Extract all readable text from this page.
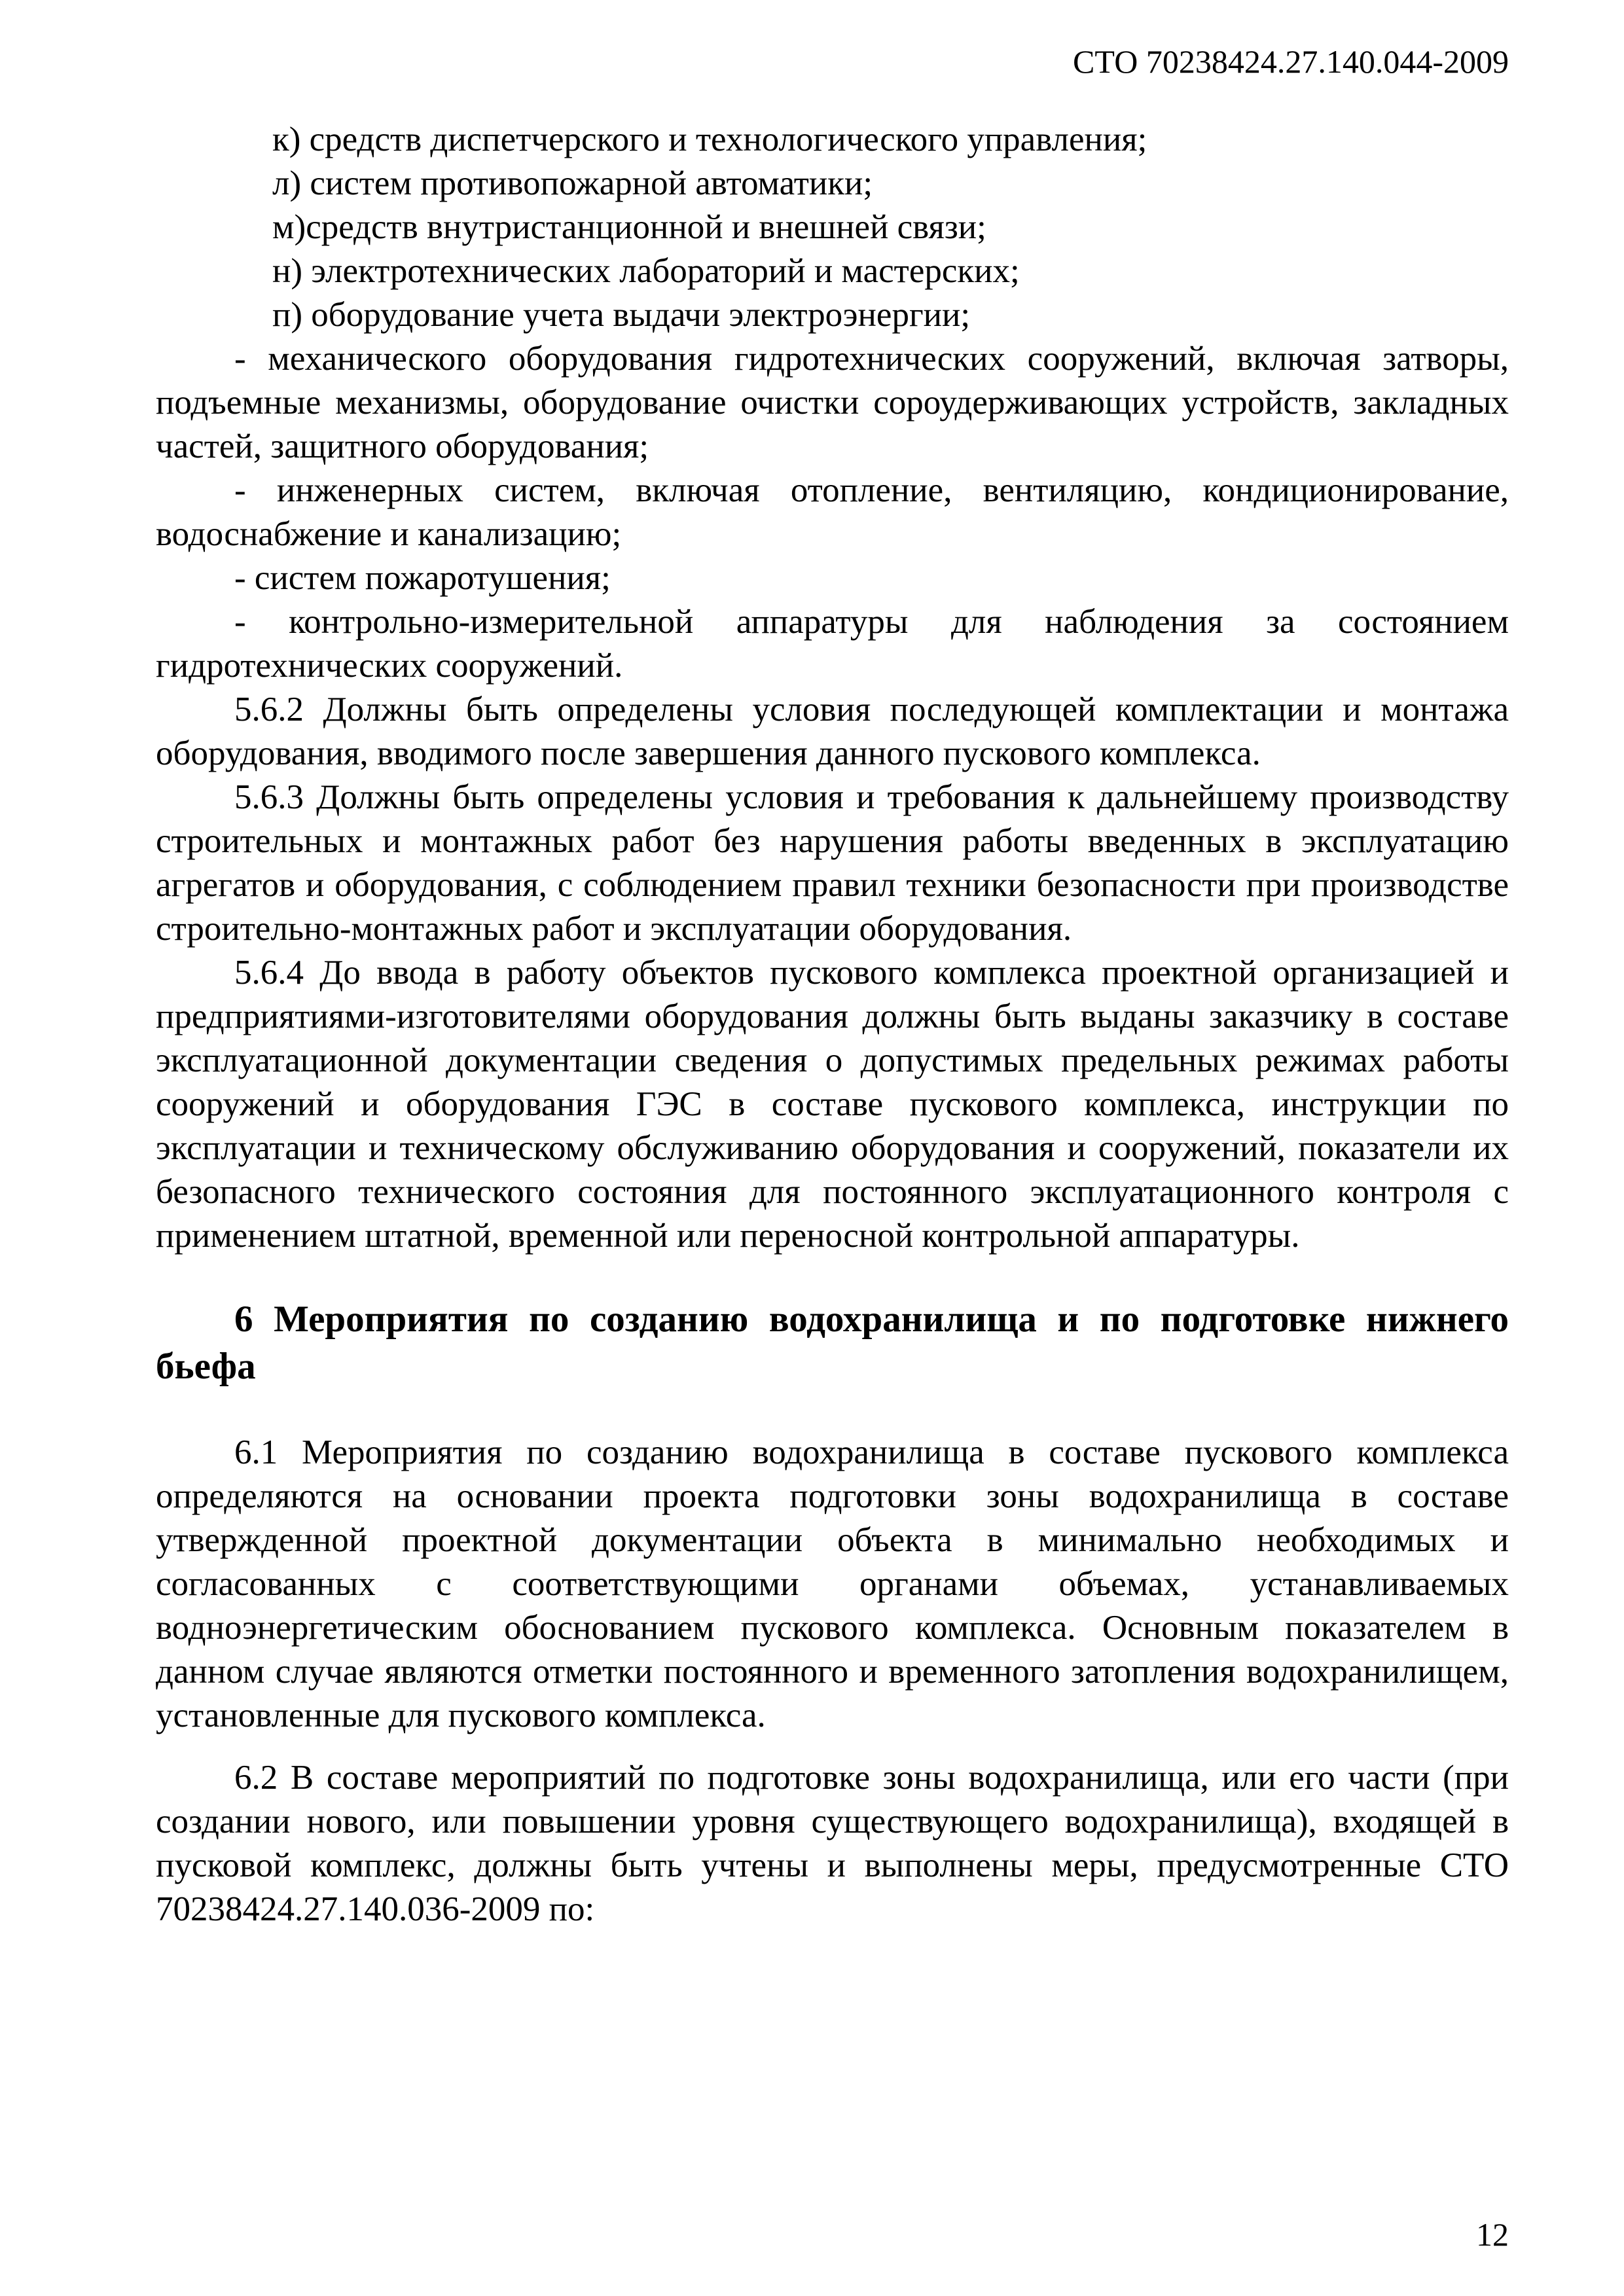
СТО 70238424.27.140.044-2009

к) средств диспетчерского и технологического управления;

л) систем противопожарной автоматики;

м)средств внутристанционной и внешней связи;

н) электротехнических лабораторий и мастерских;

п) оборудование учета выдачи электроэнергии;

- механического оборудования гидротехнических сооружений, включая затворы, подъемные механизмы, оборудование очистки сороудерживающих устройств, закладных частей, защитного оборудования;

- инженерных систем, включая отопление, вентиляцию, кондиционирование, водоснабжение и канализацию;

- систем пожаротушения;

- контрольно-измерительной аппаратуры для наблюдения за состоянием гидротехнических сооружений.

5.6.2 Должны быть определены условия последующей комплектации и монтажа оборудования, вводимого после завершения данного пускового комплекса.

5.6.3 Должны быть определены условия и требования к дальнейшему производству строительных и монтажных работ без нарушения работы введенных в эксплуатацию агрегатов и оборудования, с соблюдением правил техники безопасности при производстве строительно-монтажных работ и эксплуатации оборудования.

5.6.4 До ввода в работу объектов пускового комплекса проектной организацией и предприятиями-изготовителями оборудования должны быть выданы заказчику в составе эксплуатационной документации сведения о допустимых предельных режимах работы сооружений и оборудования ГЭС в составе пускового комплекса, инструкции по эксплуатации и техническому обслуживанию оборудования и сооружений, показатели их безопасного технического состояния для постоянного эксплуатационного контроля с применением штатной, временной или переносной контрольной аппаратуры.

6 Мероприятия по созданию водохранилища и по подготовке нижнего бьефа

6.1 Мероприятия по созданию водохранилища в составе пускового комплекса определяются на основании проекта подготовки зоны водохранилища в составе утвержденной проектной документации объекта в минимально необходимых и согласованных с соответствующими органами объемах, устанавливаемых водноэнергетическим обоснованием пускового комплекса. Основным показателем в данном случае являются отметки постоянного и временного затопления водохранилищем, установленные для пускового комплекса.

6.2 В составе мероприятий по подготовке зоны водохранилища, или его части (при создании нового, или повышении уровня существующего водохранилища), входящей в пусковой комплекс, должны быть учтены и выполнены меры, предусмотренные СТО 70238424.27.140.036-2009 по:

12
